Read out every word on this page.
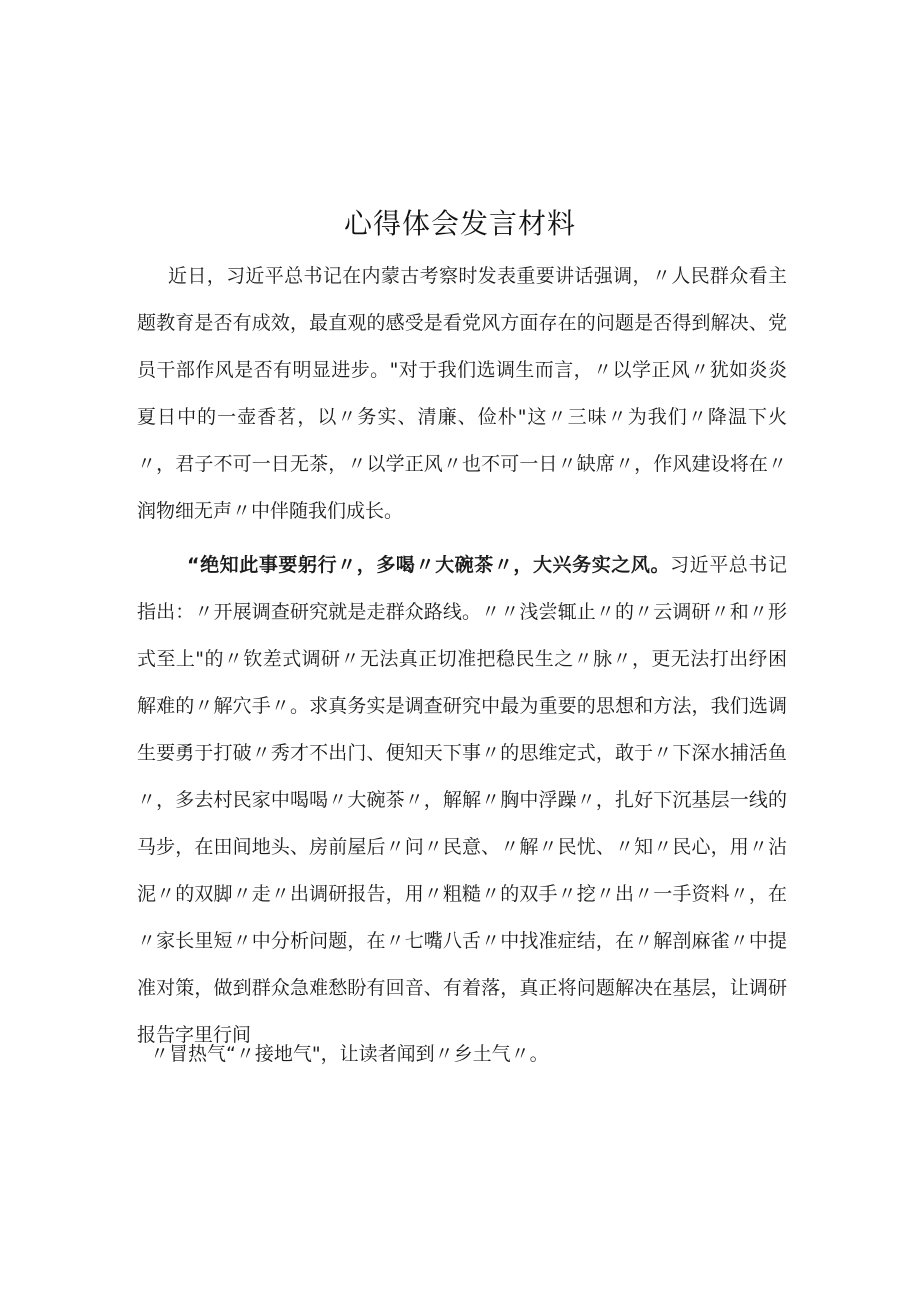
心得体会发言材料

近日，习近平总书记在内蒙古考察时发表重要讲话强调，〃人民群众看主题教育是否有成效，最直观的感受是看党风方面存在的问题是否得到解决、党员干部作风是否有明显进步。"对于我们选调生而言，〃以学正风〃犹如炎炎夏日中的一壶香茗，以〃务实、清廉、俭朴"这〃三味〃为我们〃降温下火〃，君子不可一日无茶，〃以学正风〃也不可一日〃缺席〃，作风建设将在〃润物细无声〃中伴随我们成长。

“绝知此事要躬行〃，多喝〃大碗茶〃，大兴务实之风。习近平总书记指出：〃开展调查研究就是走群众路线。〃〃浅尝辄止〃的〃云调研〃和〃形式至上"的〃钦差式调研〃无法真正切准把稳民生之〃脉〃，更无法打出纾困解难的〃解穴手〃。求真务实是调查研究中最为重要的思想和方法，我们选调生要勇于打破〃秀才不出门、便知天下事〃的思维定式，敢于〃下深水捕活鱼〃，多去村民家中喝喝〃大碗茶〃，解解〃胸中浮躁〃，扎好下沉基层一线的马步，在田间地头、房前屋后〃问〃民意、〃解〃民忧、〃知〃民心，用〃沾泥〃的双脚〃走〃出调研报告，用〃粗糙〃的双手〃挖〃出〃一手资料〃，在〃家长里短〃中分析问题，在〃七嘴八舌〃中找准症结，在〃解剖麻雀〃中提准对策，做到群众急难愁盼有回音、有着落，真正将问题解决在基层，让调研报告字里行间

〃冒热气“〃接地气"，让读者闻到〃乡土气〃。
